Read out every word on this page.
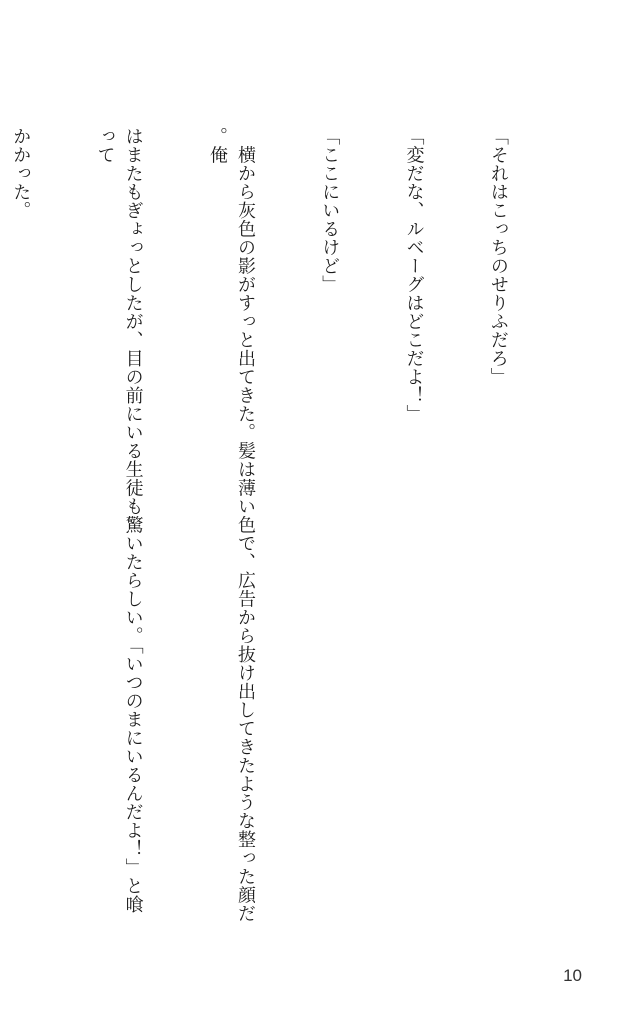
「それはこっちのせりふだろ」

「変だな、ルベーグはどこだよ！」

「ここにいるけど」

　横から灰色の影がすっと出てきた。髪は薄い色で、広告から抜け出してきたような整った顔だ。俺

はまたもぎょっとしたが、目の前にいる生徒も驚いたらしい。「いつのまにいるんだよ！」と喰って

かかった。

10
